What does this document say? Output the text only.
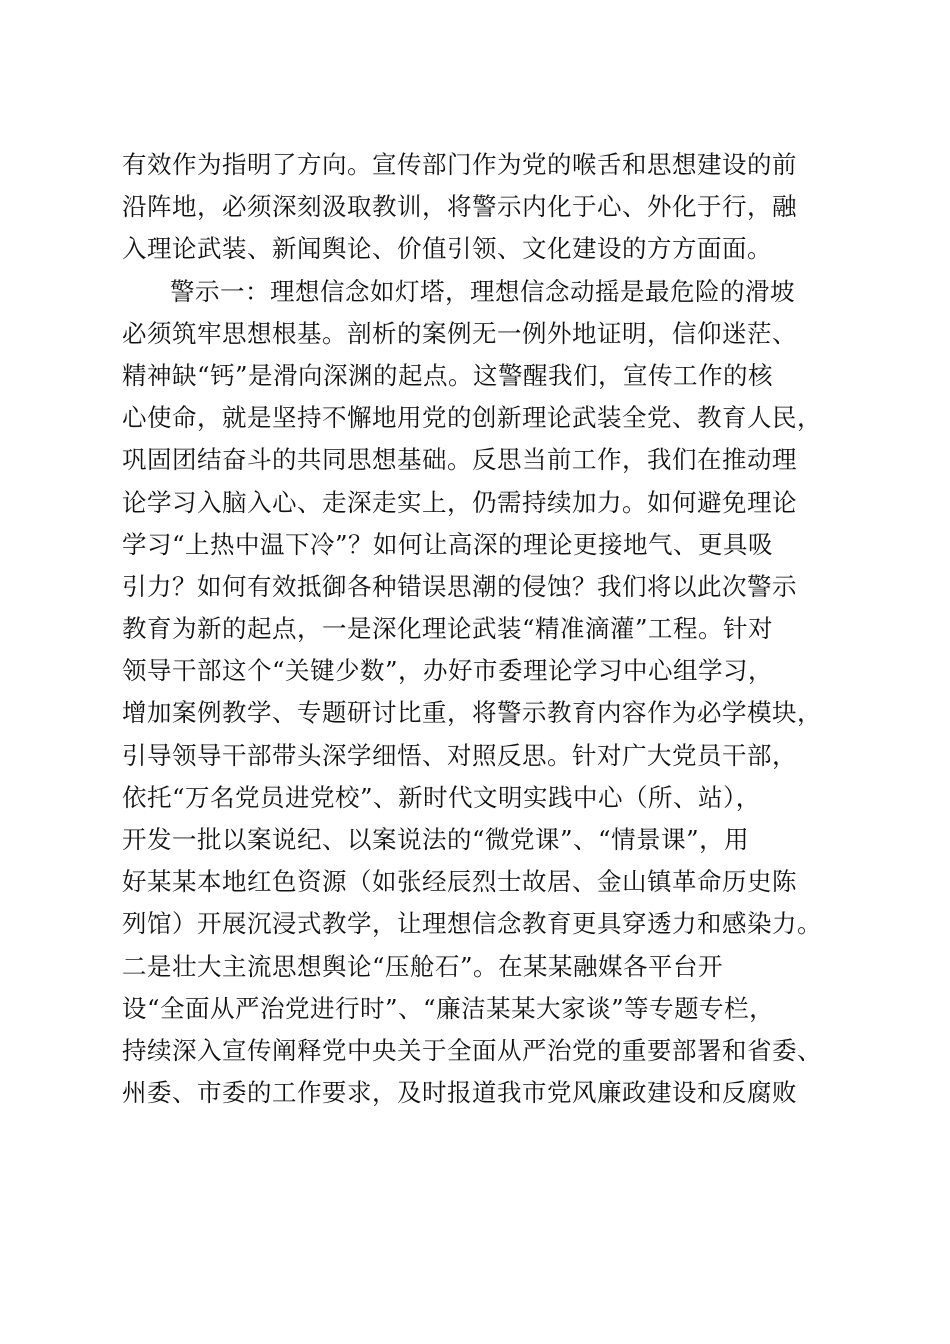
有效作为指明了方向。宣传部门作为党的喉舌和思想建设的前
沿阵地，必须深刻汲取教训，将警示内化于心、外化于行，融
入理论武装、新闻舆论、价值引领、文化建设的方方面面。
警示一：理想信念如灯塔，理想信念动摇是最危险的滑坡
必须筑牢思想根基。剖析的案例无一例外地证明，信仰迷茫、
精神缺“钙”是滑向深渊的起点。这警醒我们，宣传工作的核
心使命，就是坚持不懈地用党的创新理论武装全党、教育人民，
巩固团结奋斗的共同思想基础。反思当前工作，我们在推动理
论学习入脑入心、走深走实上，仍需持续加力。如何避免理论
学习“上热中温下冷”？如何让高深的理论更接地气、更具吸
引力？如何有效抵御各种错误思潮的侵蚀？我们将以此次警示
教育为新的起点，一是深化理论武装“精准滴灌”工程。针对
领导干部这个“关键少数”，办好市委理论学习中心组学习，
增加案例教学、专题研讨比重，将警示教育内容作为必学模块，
引导领导干部带头深学细悟、对照反思。针对广大党员干部，
依托“万名党员进党校”、新时代文明实践中心（所、站），
开发一批以案说纪、以案说法的“微党课”、“情景课”，用
好某某本地红色资源（如张经辰烈士故居、金山镇革命历史陈
列馆）开展沉浸式教学，让理想信念教育更具穿透力和感染力。
二是壮大主流思想舆论“压舱石”。在某某融媒各平台开
设“全面从严治党进行时”、“廉洁某某大家谈”等专题专栏，
持续深入宣传阐释党中央关于全面从严治党的重要部署和省委、
州委、市委的工作要求，及时报道我市党风廉政建设和反腐败
